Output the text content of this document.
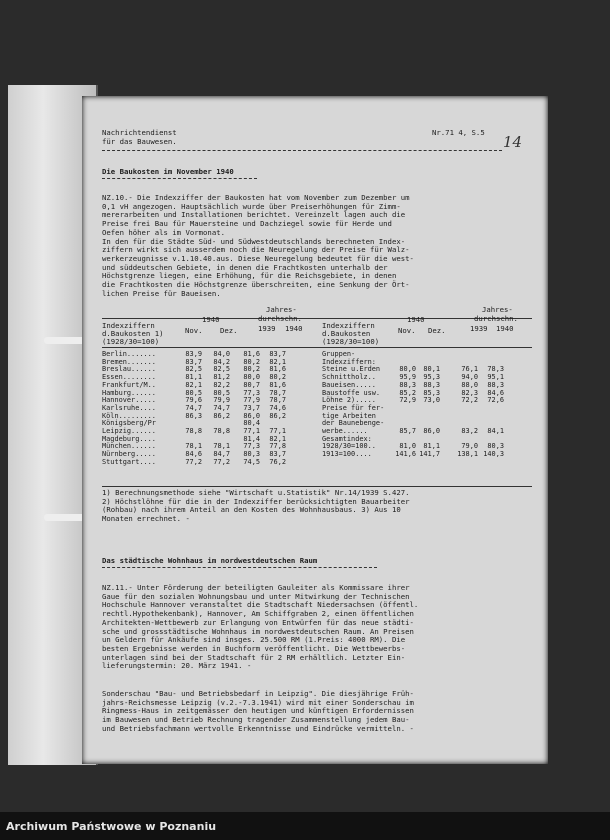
Nachrichtendienst
für das Bauwesen.
Nr.71 4, S.5
Die Baukosten im November 1940
NZ.10.- Die Indexziffer der Baukosten hat vom November zum Dezember um
0,1 vH angezogen. Hauptsächlich wurde über Preiserhöhungen für Zimm-
mererarbeiten und Installationen berichtet. Vereinzelt lagen auch die
Preise frei Bau für Mauersteine und Dachziegel sowie für Herde und
Oefen höher als im Vormonat.
In den für die Städte Süd- und Südwestdeutschlands berechneten Index-
ziffern wirkt sich ausserdem noch die Neuregelung der Preise für Walz-
werkerzeugnisse v.1.10.40.aus. Diese Neuregelung bedeutet für die west-
und süddeutschen Gebiete, in denen die Frachtkosten unterhalb der
Höchstgrenze liegen, eine Erhöhung, für die Reichsgebiete, in denen
die Frachtkosten die Höchstgrenze überschreiten, eine Senkung der Ört-
lichen Preise für Baueisen.
Indexziffern
d.Baukosten 1)
(1928/30=100)
1940
Nov. Dez.
Jahres-
durchschn.
1939 1940	Indexziffern
d.Baukosten
(1928/30=100)
1940
Nov. Dez.
Jahres-
durchschn.
1939 1940
Berlin.......	83,9	84,0	81,6	83,7
Bremen.......	83,7	84,2	80,2	82,1
Breslau......	82,5	82,5	80,2	81,6
Essen........	81,1	81,2	80,0	80,2
Frankfurt/M..	82,1	82,2	80,7	81,6
Hamburg......	80,5	80,5	77,3	78,7
Hannover.....	79,6	79,9	77,9	78,7
Karlsruhe....	74,7	74,7	73,7	74,6
Köln.........	86,3	86,2	86,0	86,2
Königsberg/Pr			80,4	
Leipzig......	78,8	78,8	77,1	77,1
Magdeburg....			81,4	82,1
München......	78,1	78,1	77,3	77,8
Nürnberg.....	84,6	84,7	80,3	83,7
Stuttgart....	77,2	77,2	74,5	76,2
Gruppen-				
Indexziffern:				
Steine u.Erden	80,0	80,1	76,1	78,3
Schnittholz..	95,9	95,3	94,0	95,1
Baueisen.....	88,3	88,3	88,0	88,3
Baustoffe usw.	85,2	85,3	82,3	84,6
Löhne 2).....	72,9	73,0	72,2	72,6
Preise für fer-				
tige Arbeiten				
der Baunebenge-				
werbe......	85,7	86,0	83,2	84,1
Gesamtindex:				
1928/30=100..	81,0	81,1	79,0	80,3
1913=100....	141,6	141,7	138,1	140,3
1) Berechnungsmethode siehe "Wirtschaft u.Statistik" Nr.14/1939 S.427.
2) Höchstlöhne für die in der Indexziffer berücksichtigten Bauarbeiter
(Rohbau) nach ihrem Anteil an den Kosten des Wohnhausbaus. 3) Aus 10
Monaten errechnet. -
Das städtische Wohnhaus im nordwestdeutschen Raum
NZ.11.- Unter Förderung der beteiligten Gauleiter als Kommissare ihrer
Gaue für den sozialen Wohnungsbau und unter Mitwirkung der Technischen
Hochschule Hannover veranstaltet die Stadtschaft Niedersachsen (öffentl.
rechtl.Hypothekenbank), Hannover, Am Schiffgraben 2, einen öffentlichen
Architekten-Wettbewerb zur Erlangung von Entwürfen für das neue städti-
sche und grossstädtische Wohnhaus im nordwestdeutschen Raum. An Preisen
un Geldern für Ankäufe sind insges. 25.500 RM (1.Preis: 4000 RM). Die
besten Ergebnisse werden in Buchform veröffentlicht. Die Wettbewerbs-
unterlagen sind bei der Stadtschaft für 2 RM erhältlich. Letzter Ein-
lieferungstermin: 20. März 1941. -
Sonderschau "Bau- und Betriebsbedarf in Leipzig". Die diesjährige Früh-
jahrs-Reichsmesse Leipzig (v.2.-7.3.1941) wird mit einer Sonderschau im
Ringmess-Haus in zeitgemässer den heutigen und künftigen Erfordernissen
im Bauwesen und Betrieb Rechnung tragender Zusammenstellung jedem Bau-
und Betriebsfachmann wertvolle Erkenntnisse und Eindrücke vermitteln. -
14
Archiwum Państwowe w Poznaniu
